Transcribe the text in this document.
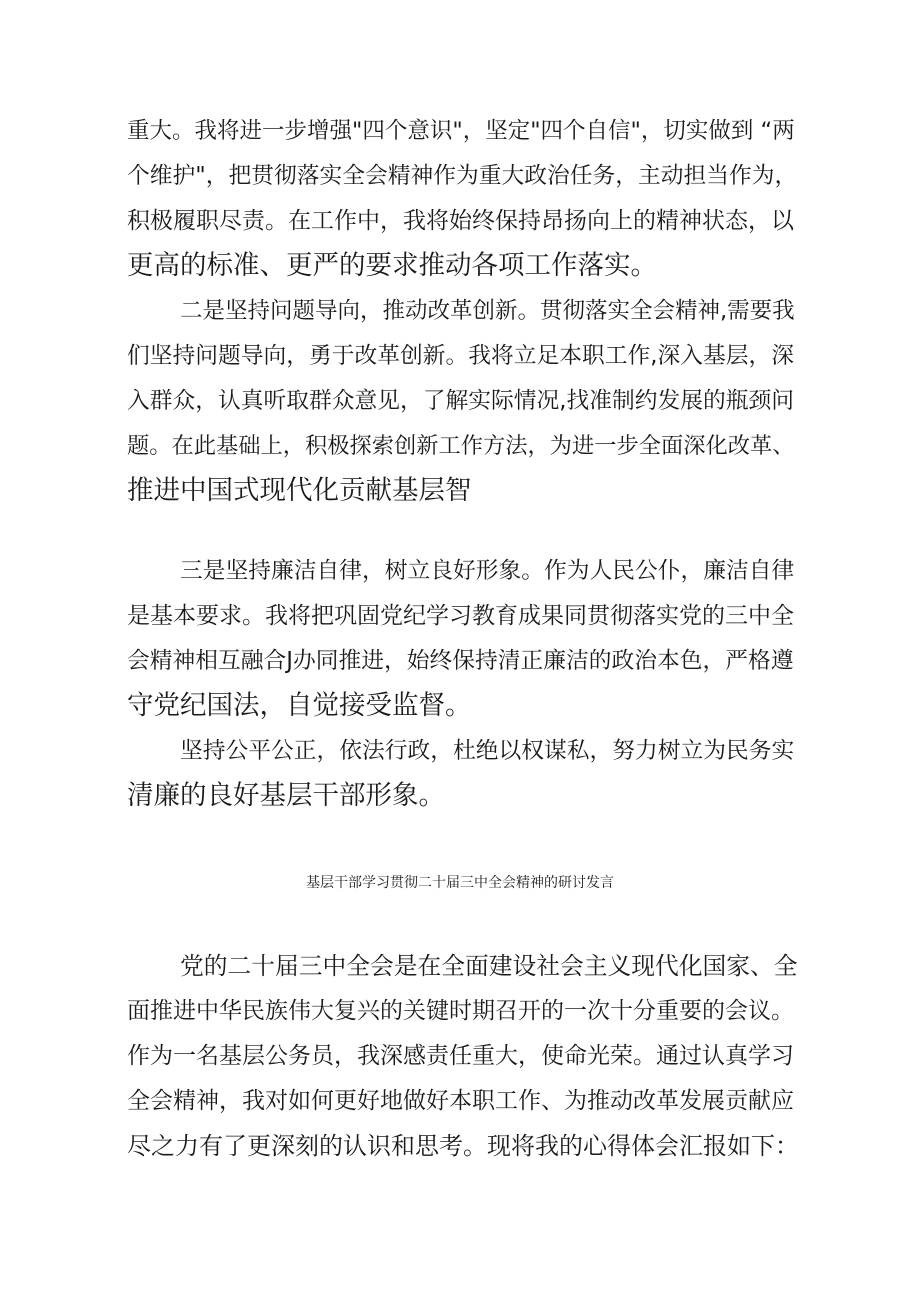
重大。我将进一步增强"四个意识"，坚定"四个自信"，切实做到 “两
个维护"，把贯彻落实全会精神作为重大政治任务，主动担当作为，
积极履职尽责。在工作中，我将始终保持昂扬向上的精神状态，以
更高的标准、更严的要求推动各项工作落实。
二是坚持问题导向，推动改革创新。贯彻落实全会精神,需要我
们坚持问题导向，勇于改革创新。我将立足本职工作,深入基层，深
入群众，认真听取群众意见，了解实际情况,找准制约发展的瓶颈问
题。在此基础上，积极探索创新工作方法，为进一步全面深化改革、
推进中国式现代化贡献基层智
三是坚持廉洁自律，树立良好形象。作为人民公仆，廉洁自律
是基本要求。我将把巩固党纪学习教育成果同贯彻落实党的三中全
会精神相互融合J办同推进，始终保持清正廉洁的政治本色，严格遵
守党纪国法，自觉接受监督。
坚持公平公正，依法行政，杜绝以权谋私，努力树立为民务实
清廉的良好基层干部形象。
基层干部学习贯彻二十届三中全会精神的研讨发言
党的二十届三中全会是在全面建设社会主义现代化国家、全
面推进中华民族伟大复兴的关键时期召开的一次十分重要的会议。
作为一名基层公务员，我深感责任重大，使命光荣。通过认真学习
全会精神，我对如何更好地做好本职工作、为推动改革发展贡献应
尽之力有了更深刻的认识和思考。现将我的心得体会汇报如下：
